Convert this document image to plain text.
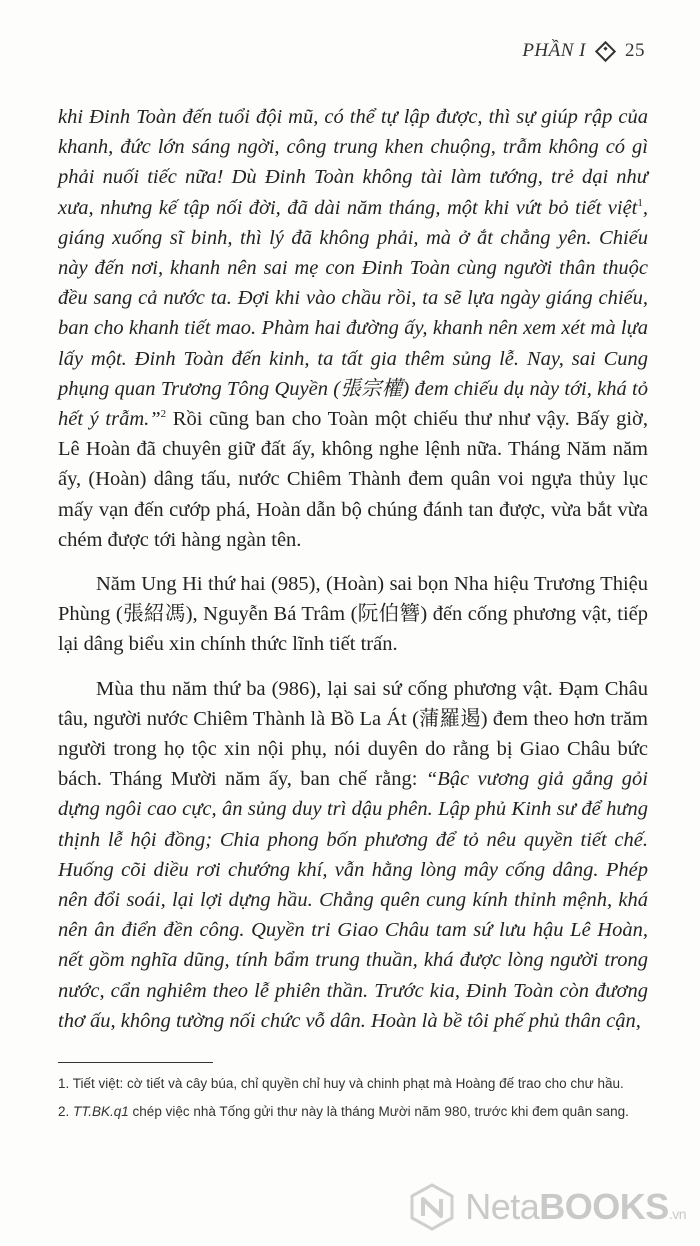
PHẦN I 25

khi Đinh Toàn đến tuổi đội mũ, có thể tự lập được, thì sự giúp rập của khanh, đức lớn sáng ngời, công trung khen chuộng, trẫm không có gì phải nuối tiếc nữa! Dù Đinh Toàn không tài làm tướng, trẻ dại như xưa, nhưng kế tập nối đời, đã dài năm tháng, một khi vứt bỏ tiết việt$^1$, giáng xuống sĩ binh, thì lý đã không phải, mà ở ắt chẳng yên. Chiếu này đến nơi, khanh nên sai mẹ con Đinh Toàn cùng người thân thuộc đều sang cả nước ta. Đợi khi vào chầu rồi, ta sẽ lựa ngày giáng chiếu, ban cho khanh tiết mao. Phàm hai đường ấy, khanh nên xem xét mà lựa lấy một. Đinh Toàn đến kinh, ta tất gia thêm sủng lễ. Nay, sai Cung phụng quan Trương Tông Quyền (張宗權) đem chiếu dụ này tới, khá tỏ hết ý trẫm.”$^2$ Rồi cũng ban cho Toàn một chiếu thư như vậy. Bấy giờ, Lê Hoàn đã chuyên giữ đất ấy, không nghe lệnh nữa. Tháng Năm năm ấy, (Hoàn) dâng tấu, nước Chiêm Thành đem quân voi ngựa thủy lục mấy vạn đến cướp phá, Hoàn dẫn bộ chúng đánh tan được, vừa bắt vừa chém được tới hàng ngàn tên.

Năm Ung Hi thứ hai (985), (Hoàn) sai bọn Nha hiệu Trương Thiệu Phùng (張紹馮), Nguyễn Bá Trâm (阮伯簪) đến cống phương vật, tiếp lại dâng biểu xin chính thức lĩnh tiết trấn.

Mùa thu năm thứ ba (986), lại sai sứ cống phương vật. Đạm Châu tâu, người nước Chiêm Thành là Bồ La Át (蒲羅遏) đem theo hơn trăm người trong họ tộc xin nội phụ, nói duyên do rằng bị Giao Châu bức bách. Tháng Mười năm ấy, ban chế rằng: “Bậc vương giả gắng gỏi dựng ngôi cao cực, ân sủng duy trì dậu phên. Lập phủ Kinh sư để hưng thịnh lễ hội đồng; Chia phong bốn phương để tỏ nêu quyền tiết chế. Huống cõi diều rơi chướng khí, vẫn hằng lòng mây cống dâng. Phép nên đổi soái, lại lợi dựng hầu. Chẳng quên cung kính thỉnh mệnh, khá nên ân điển đền công. Quyền tri Giao Châu tam sứ lưu hậu Lê Hoàn, nết gồm nghĩa dũng, tính bẩm trung thuần, khá được lòng người trong nước, cẩn nghiêm theo lễ phiên thần. Trước kia, Đinh Toàn còn đương thơ ấu, không tường nối chức vỗ dân. Hoàn là bề tôi phế phủ thân cận,

1. Tiết việt: cờ tiết và cây búa, chỉ quyền chỉ huy và chinh phạt mà Hoàng đế trao cho chư hầu.

2. TT.BK.q1 chép việc nhà Tống gửi thư này là tháng Mười năm 980, trước khi đem quân sang.

NetaBOOKS.vn
